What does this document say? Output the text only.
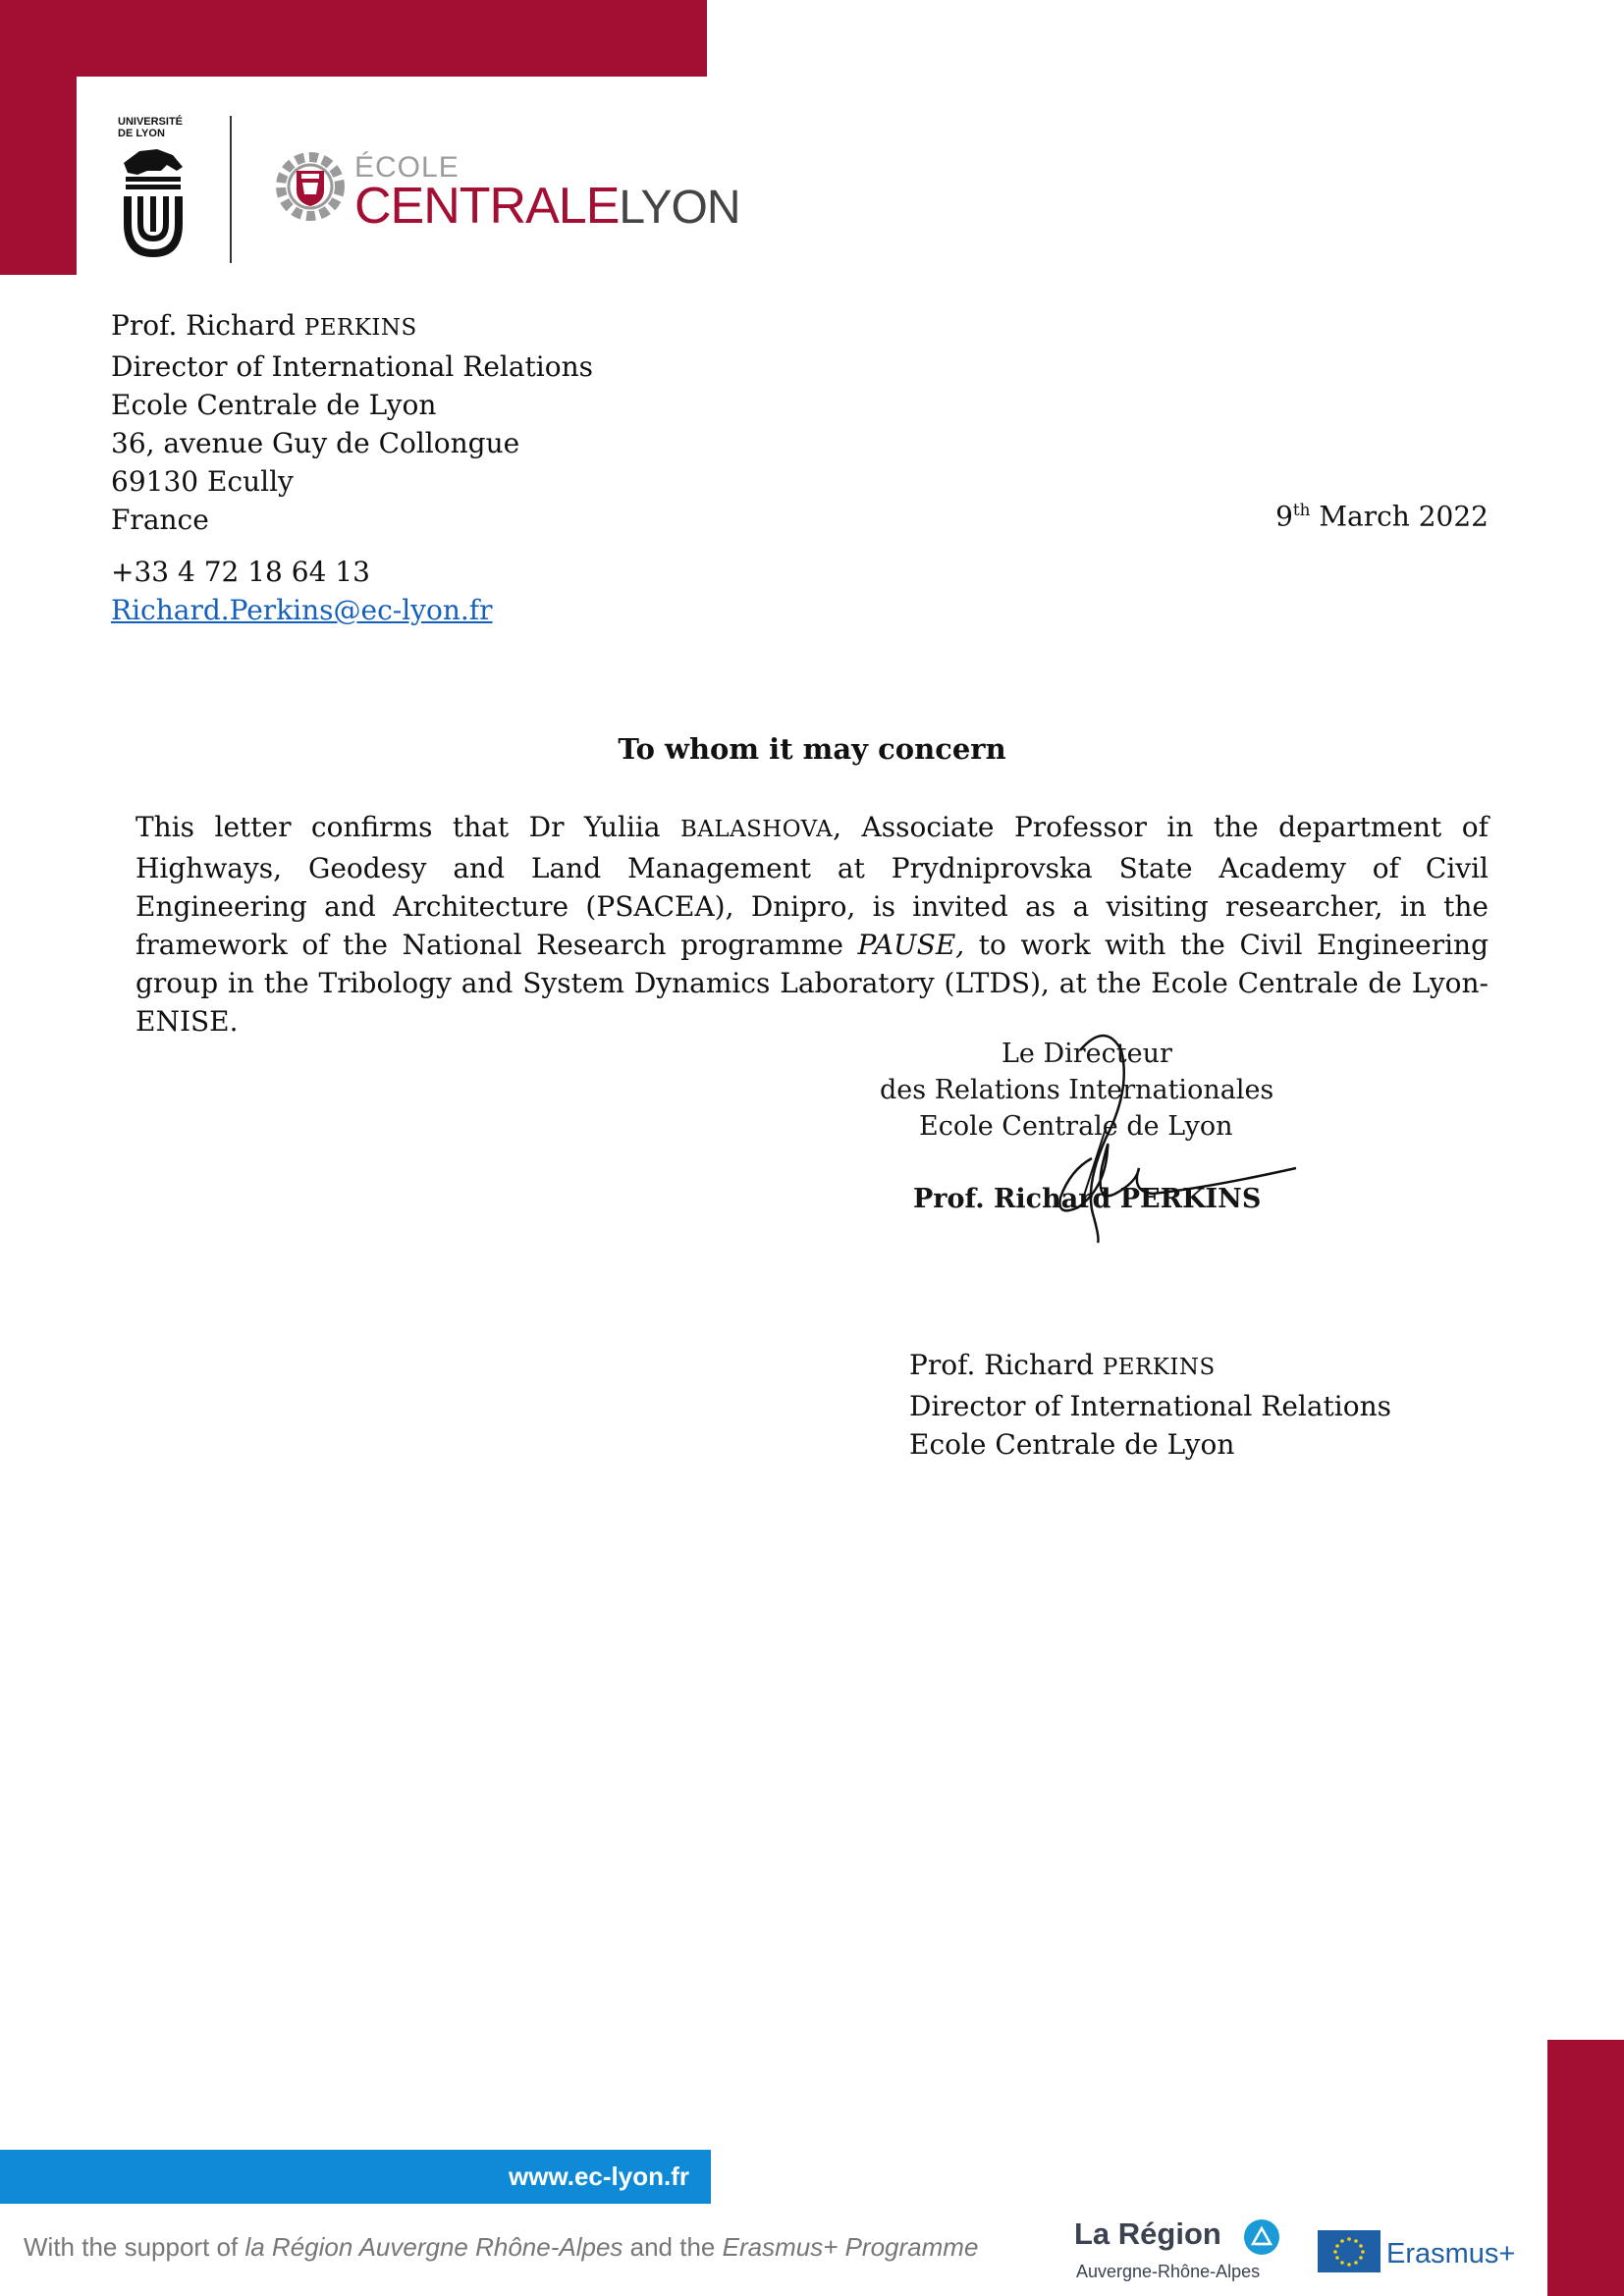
UNIVERSITÉ DE LYON
ÉCOLE
CENTRALELYON
Prof. Richard PERKINS
Director of International Relations
Ecole Centrale de Lyon
36, avenue Guy de Collongue
69130 Ecully
France
+33 4 72 18 64 13
Richard.Perkins@ec-lyon.fr
9th March 2022
To whom it may concern
This letter confirms that Dr Yuliia BALASHOVA, Associate Professor in the department of Highways, Geodesy and Land Management at Prydniprovska State Academy of Civil Engineering and Architecture (PSACEA), Dnipro, is invited as a visiting researcher, in the framework of the National Research programme PAUSE, to work with the Civil Engineering group in the Tribology and System Dynamics Laboratory (LTDS), at the Ecole Centrale de Lyon-ENISE.
Le Directeur
des Relations Internationales
Ecole Centrale de Lyon
Prof. Richard PERKINS
Prof. Richard PERKINS
Director of International Relations
Ecole Centrale de Lyon
www.ec-lyon.fr
With the support of la Région Auvergne Rhône-Alpes and the Erasmus+ Programme	La Région
Auvergne-Rhône-Alpes
Erasmus+
